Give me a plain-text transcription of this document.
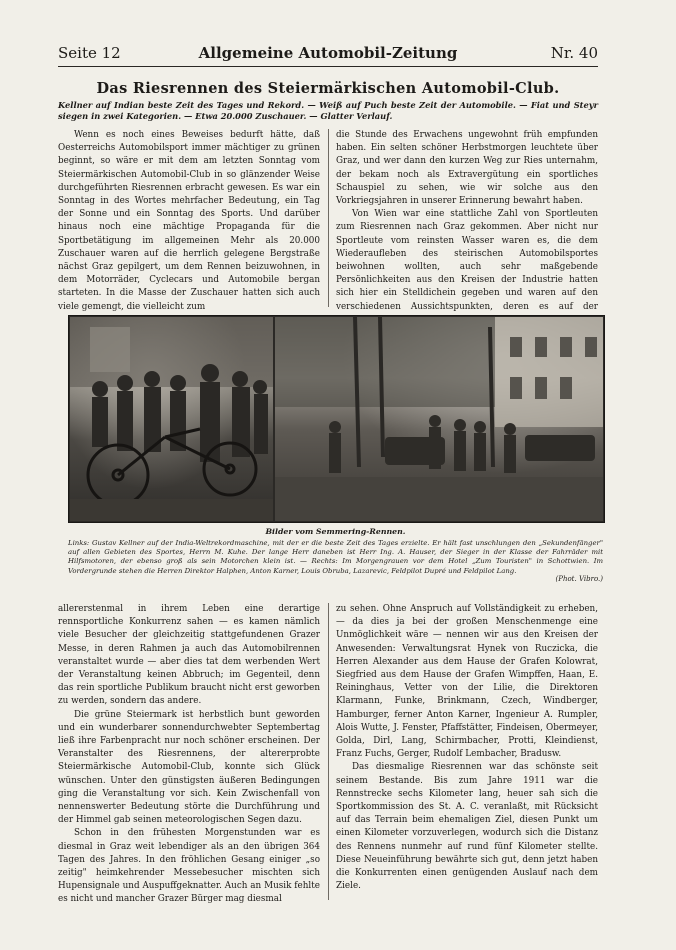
Seite 12	Allgemeine Automobil-Zeitung	Nr. 40
Das Riesrennen des Steiermärkischen Automobil-Club.
Kellner auf Indian beste Zeit des Tages und Rekord. — Weiß auf Puch beste Zeit der Automobile. — Fiat und Steyr siegen in zwei Kategorien. — Etwa 20.000 Zuschauer. — Glatter Verlauf.

Wenn es noch eines Beweises bedurft hätte, daß Oesterreichs Automobilsport immer mächtiger zu grünen beginnt, so wäre er mit dem am letzten Sonntag vom Steiermärkischen Automobil-Club in so glänzender Weise durchgeführten Riesrennen erbracht gewesen. Es war ein Sonntag in des Wortes mehrfacher Bedeutung, ein Tag der Sonne und ein Sonntag des Sports. Und darüber hinaus noch eine mächtige Propaganda für die Sportbetätigung im allgemeinen Mehr als 20.000 Zuschauer waren auf die herrlich gelegene Bergstraße nächst Graz gepilgert, um dem Rennen beizuwohnen, in dem Motorräder, Cyclecars und Automobile bergan starteten. In die Masse der Zuschauer hatten sich auch viele gemengt, die vielleicht zum

die Stunde des Erwachens ungewohnt früh empfunden haben. Ein selten schöner Herbstmorgen leuchtete über Graz, und wer dann den kurzen Weg zur Ries unternahm, der bekam noch als Extravergütung ein sportliches Schauspiel zu sehen, wie wir solche aus den Vorkriegsjahren in unserer Erinnerung bewahrt haben.

Von Wien war eine stattliche Zahl von Sportleuten zum Riesrennen nach Graz gekommen. Aber nicht nur Sportleute vom reinsten Wasser waren es, die dem Wiederaufleben des steirischen Automobilsportes beiwohnen wollten, auch sehr maßgebende Persönlichkeiten aus den Kreisen der Industrie hatten sich hier ein Stelldichein gegeben und waren auf den verschiedenen Aussichtspunkten, deren es auf der

Bilder vom Semmering-Rennen.
Links: Gustav Kellner auf der India-Weltrekordmaschine, mit der er die beste Zeit des Tages erzielte. Er hält fast unschlungen den „Sekundenfänger" auf allen Gebieten des Sportes, Herrn M. Kuhe. Der lange Herr daneben ist Herr Ing. A. Hauser, der Sieger in der Klasse der Fahrräder mit Hilfsmotoren, der ebenso groß als sein Motorchen klein ist. — Rechts: Im Morgengrauen vor dem Hotel „Zum Touristen" in Schottwien. Im Vordergrunde stehen die Herren Direktor Halphen, Anton Karner, Louis Obruba, Lazarevic, Feldpilot Dupré und Feldpilot Lang.
(Phot. Vibro.)

allererstenmal in ihrem Leben eine derartige rennsportliche Konkurrenz sahen — es kamen nämlich viele Besucher der gleichzeitig stattgefundenen Grazer Messe, in deren Rahmen ja auch das Automobilrennen veranstaltet wurde — aber dies tat dem werbenden Wert der Veranstaltung keinen Abbruch; im Gegenteil, denn das rein sportliche Publikum braucht nicht erst geworben zu werden, sondern das andere.

Die grüne Steiermark ist herbstlich bunt geworden und ein wunderbarer sonnendurchwebter Septembertag ließ ihre Farbenpracht nur noch schöner erscheinen. Der Veranstalter des Riesrennens, der altererprobte Steiermärkische Automobil-Club, konnte sich Glück wünschen. Unter den günstigsten äußeren Bedingungen ging die Veranstaltung vor sich. Kein Zwischenfall von nennenswerter Bedeutung störte die Durchführung und der Himmel gab seinen meteorologischen Segen dazu.

Schon in den frühesten Morgenstunden war es diesmal in Graz weit lebendiger als an den übrigen 364 Tagen des Jahres. In den fröhlichen Gesang einiger „so zeitig" heimkehrender Messebesucher mischten sich Hupensignale und Auspuffgeknatter. Auch an Musik fehlte es nicht und mancher Grazer Bürger mag diesmal

zu sehen. Ohne Anspruch auf Vollständigkeit zu erheben, — da dies ja bei der großen Menschenmenge eine Unmöglichkeit wäre — nennen wir aus den Kreisen der Anwesenden: Verwaltungsrat Hynek von Ruczicka, die Herren Alexander aus dem Hause der Grafen Kolowrat, Siegfried aus dem Hause der Grafen Wimpffen, Haan, E. Reininghaus, Vetter von der Lilie, die Direktoren Klarmann, Funke, Brinkmann, Czech, Windberger, Hamburger, ferner Anton Karner, Ingenieur A. Rumpler, Alois Wutte, J. Fenster, Pfaffstätter, Findeisen, Obermeyer, Golda, Dirl, Lang, Schirmbacher, Protti, Kleindienst, Franz Fuchs, Gerger, Rudolf Lembacher, Bradusw.

Das diesmalige Riesrennen war das schönste seit seinem Bestande. Bis zum Jahre 1911 war die Rennstrecke sechs Kilometer lang, heuer sah sich die Sportkommission des St. A. C. veranlaßt, mit Rücksicht auf das Terrain beim ehemaligen Ziel, diesen Punkt um einen Kilometer vorzuverlegen, wodurch sich die Distanz des Rennens nunmehr auf rund fünf Kilometer stellte. Diese Neueinführung bewährte sich gut, denn jetzt haben die Konkurrenten einen genügenden Auslauf nach dem Ziele.
